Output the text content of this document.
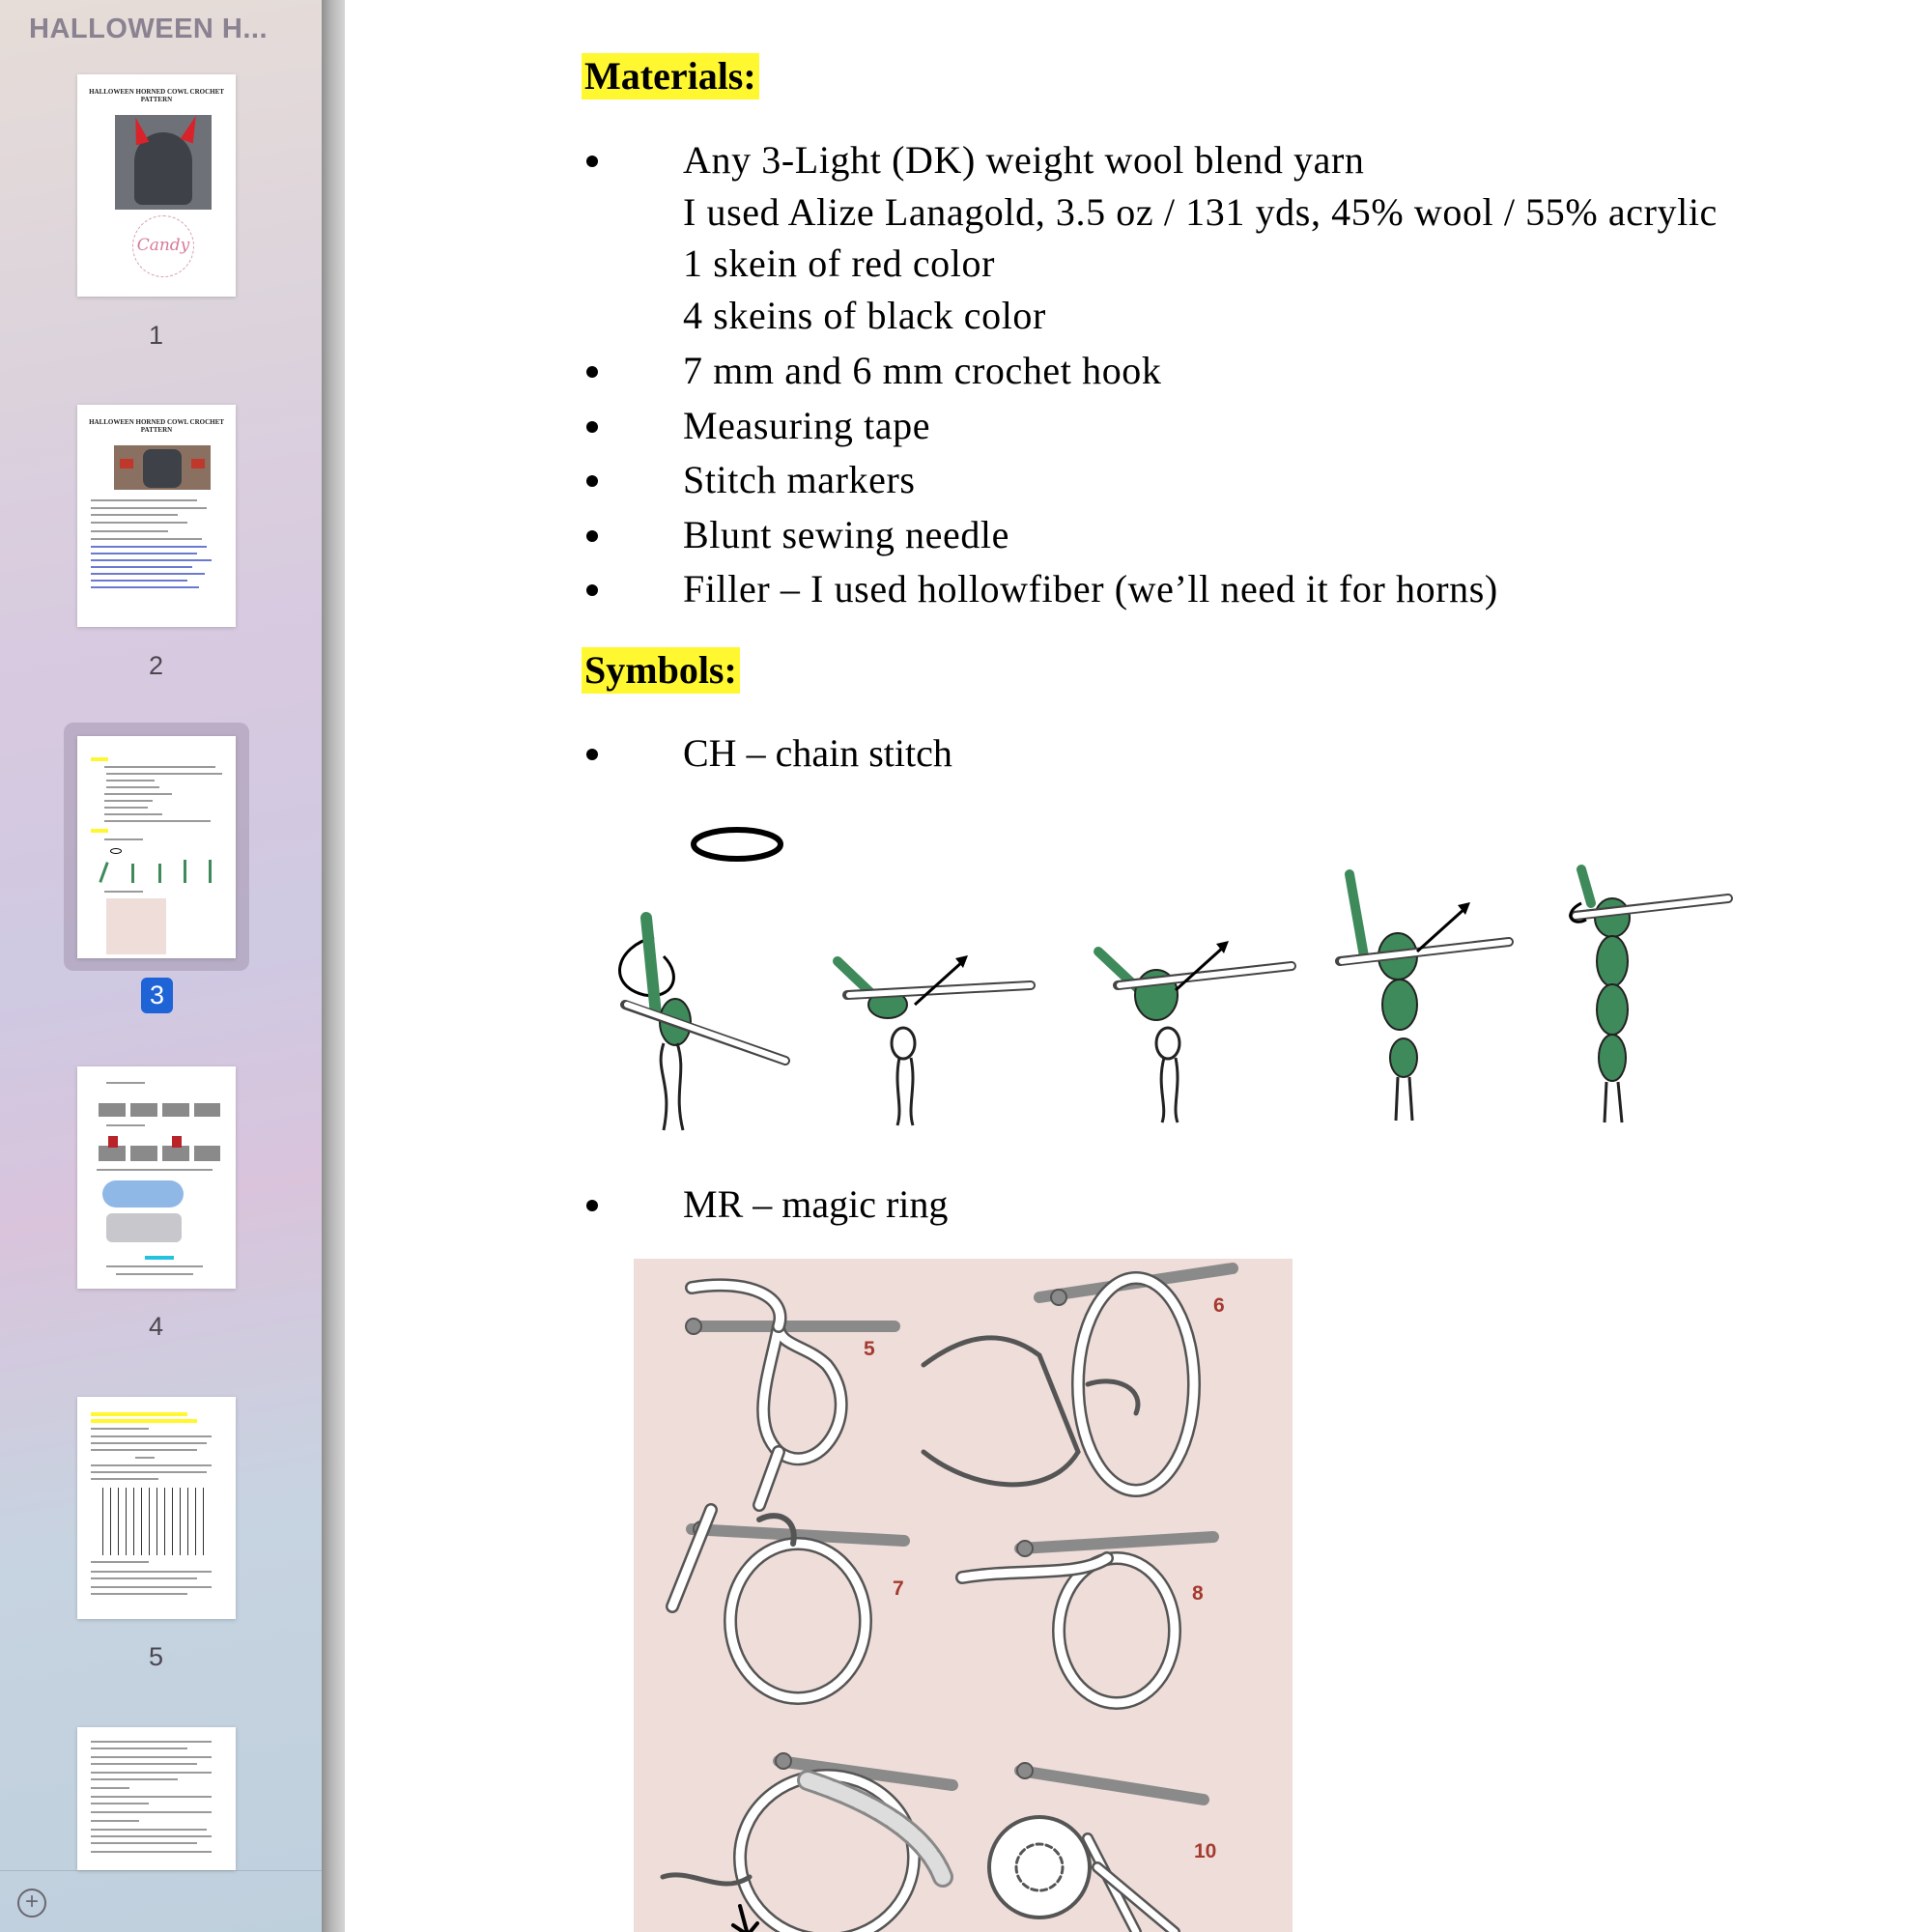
HALLOWEEN H...
HALLOWEEN HORNED COWL CROCHET PATTERN
Candy
1
HALLOWEEN HORNED COWL CROCHET PATTERN
2
3
4
5
+
Materials:
Any 3-Light (DK) weight wool blend yarn
I used Alize Lanagold, 3.5 oz / 131 yds, 45% wool / 55% acrylic
1 skein of red color
4 skeins of black color
7 mm and 6 mm crochet hook
Measuring tape
Stitch markers
Blunt sewing needle
Filler – I used hollowfiber (we’ll need it for horns)
Symbols:
CH – chain stitch
MR – magic ring
5
6
7	8
10
